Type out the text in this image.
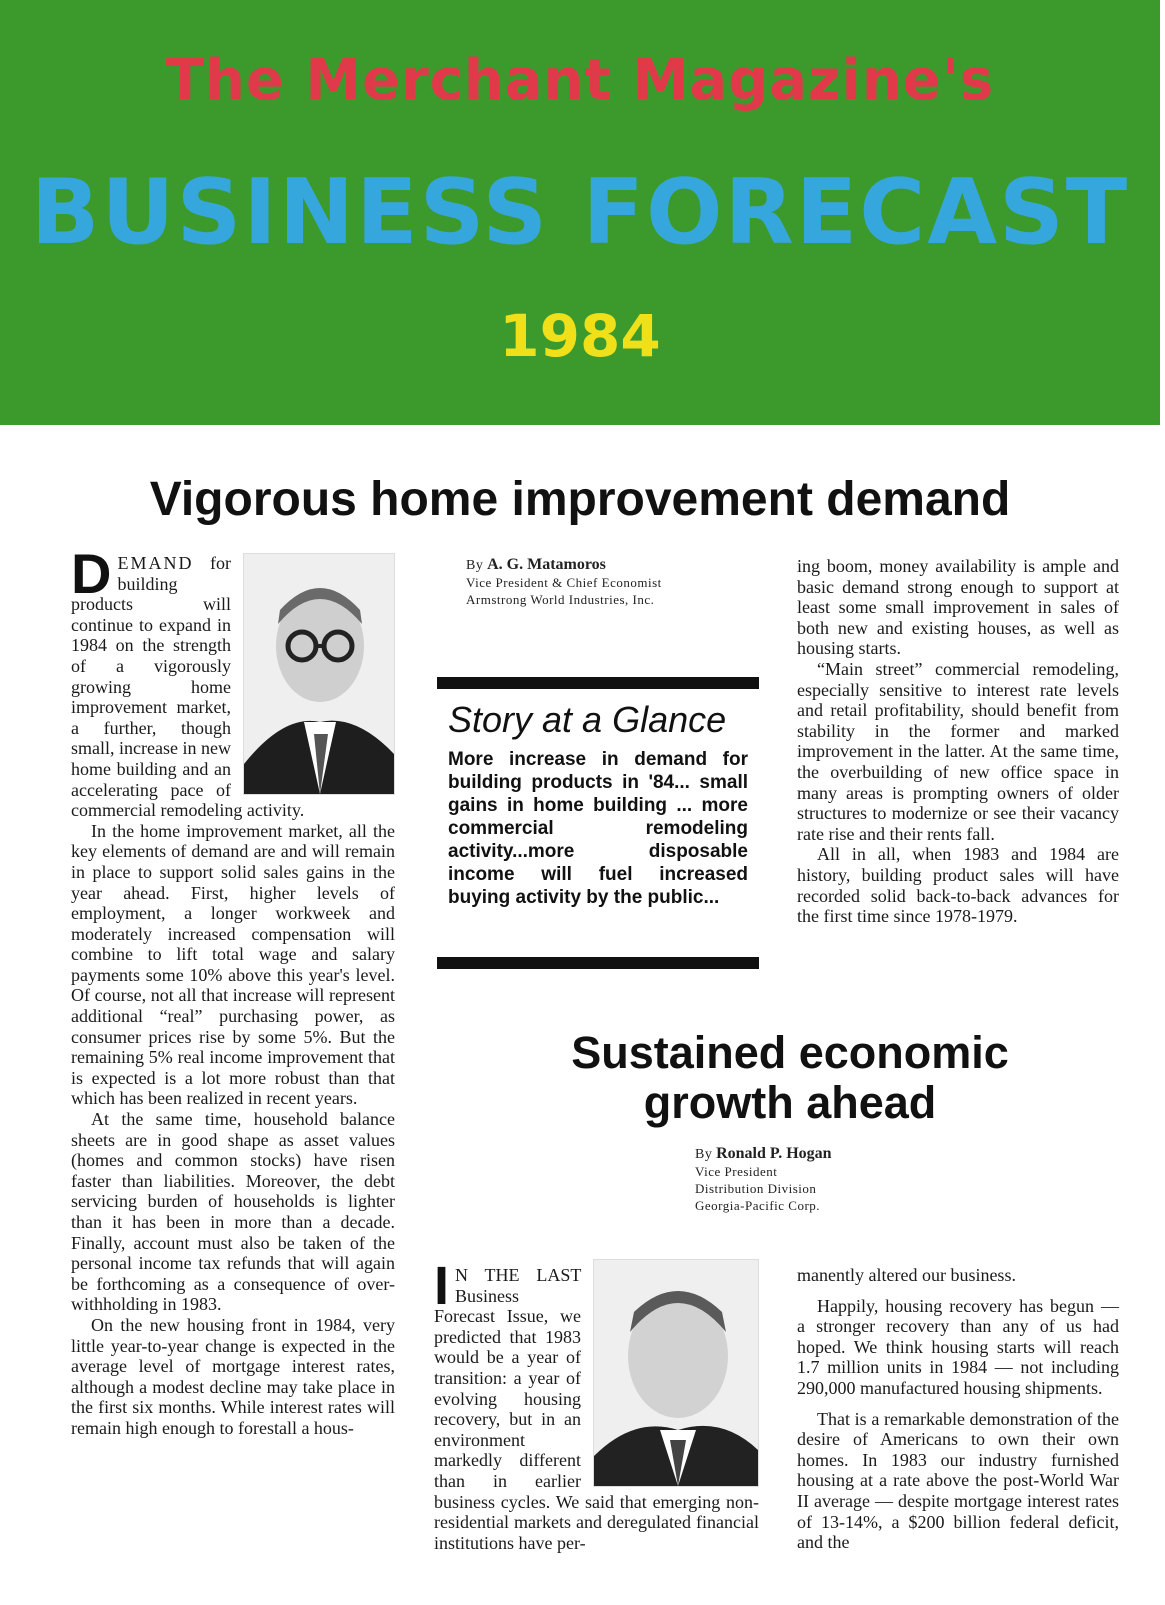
The Merchant Magazine's
BUSINESS FORECAST
1984
Vigorous home improvement demand

DEMAND for building products will continue to expand in 1984 on the strength of a vigorously growing home improvement market, a further, though small, increase in new home building and an accelerating pace of commercial remodeling activity.

In the home improvement market, all the key elements of demand are and will remain in place to support solid sales gains in the year ahead. First, higher levels of employment, a longer workweek and moderately increased compensation will combine to lift total wage and salary payments some 10% above this year's level. Of course, not all that increase will represent additional “real” purchasing power, as consumer prices rise by some 5%. But the remaining 5% real income improvement that is expected is a lot more robust than that which has been realized in recent years.

At the same time, household balance sheets are in good shape as asset values (homes and common stocks) have risen faster than liabilities. Moreover, the debt servicing burden of households is lighter than it has been in more than a decade. Finally, account must also be taken of the personal income tax refunds that will again be forthcoming as a consequence of over-withholding in 1983.

On the new housing front in 1984, very little year-to-year change is expected in the average level of mortgage interest rates, although a modest decline may take place in the first six months. While interest rates will remain high enough to forestall a hous-

By A. G. Matamoros
Vice President & Chief Economist
Armstrong World Industries, Inc.
Story at a Glance
More increase in demand for building products in '84... small gains in home building ... more commercial remodeling activity...more disposable income will fuel increased buying activity by the public...

ing boom, money availability is ample and basic demand strong enough to support at least some small improvement in sales of both new and existing houses, as well as housing starts.

“Main street” commercial remodeling, especially sensitive to interest rate levels and retail profitability, should benefit from stability in the former and marked improvement in the latter. At the same time, the overbuilding of new office space in many areas is prompting owners of older structures to modernize or see their vacancy rate rise and their rents fall.

All in all, when 1983 and 1984 are history, building product sales will have recorded solid back-to-back advances for the first time since 1978-1979.

Sustained economic
growth ahead
By Ronald P. Hogan
Vice President
Distribution Division
Georgia-Pacific Corp.

I N THE LAST Business Forecast Issue, we predicted that 1983 would be a year of transition: a year of evolving housing recovery, but in an environment markedly different than in earlier business cycles. We said that emerging non-residential markets and deregulated financial institutions have per-

manently altered our business.

Happily, housing recovery has begun — a stronger recovery than any of us had hoped. We think housing starts will reach 1.7 million units in 1984 — not including 290,000 manufactured housing shipments.

That is a remarkable demonstration of the desire of Americans to own their own homes. In 1983 our industry furnished housing at a rate above the post-World War II average — despite mortgage interest rates of 13-14%, a $200 billion federal deficit, and the
